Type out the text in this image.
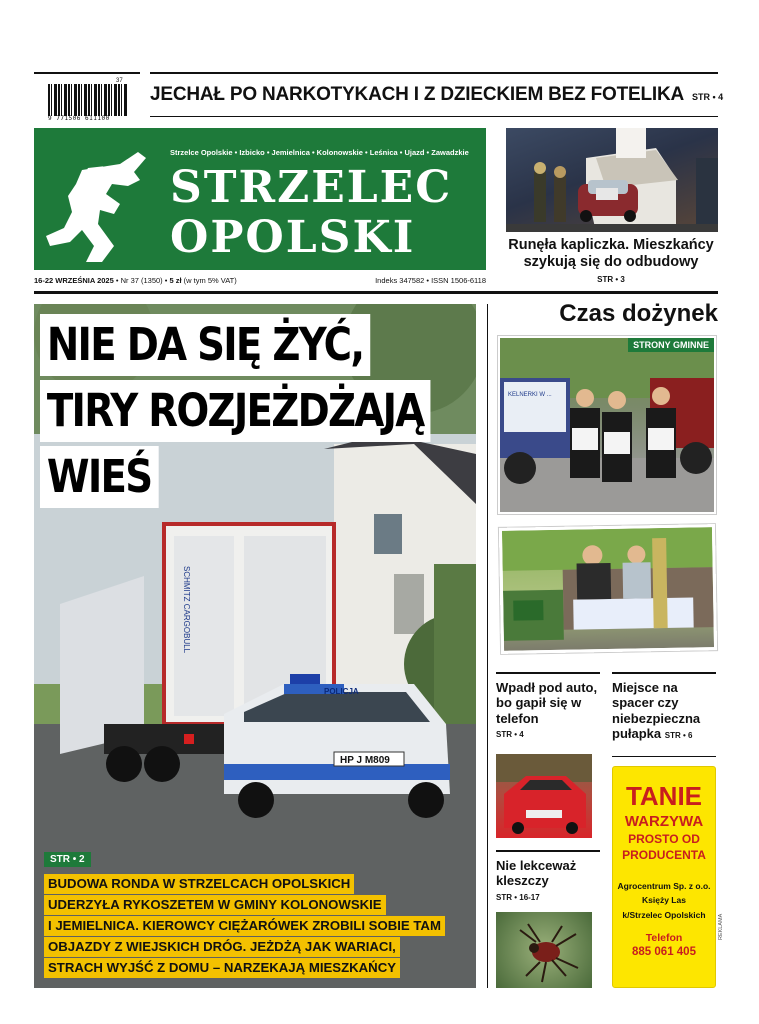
9 771506 611100
37
JECHAŁ PO NARKOTYKACH I Z DZIECKIEM BEZ FOTELIKA STR • 4
Strzelce Opolskie • Izbicko • Jemielnica • Kolonowskie • Leśnica • Ujazd • Zawadzkie
STRZELEC
OPOLSKI
16-22 WRZEŚNIA 2025 • Nr 37 (1350) • 5 zł (w tym 5% VAT)	Indeks 347582 • ISSN 1506-6118
Runęła kapliczka. Mieszkańcy szykują się do odbudowy
STR • 3
SCHMITZ CARGOBULL
POLICJA
HP J M809
NIE DA SIĘ ŻYĆ,
TIRY ROZJEŻDŻAJĄ
WIEŚ
STR • 2
BUDOWA RONDA W STRZELCACH OPOLSKICH
UDERZYŁA RYKOSZETEM W GMINY KOLONOWSKIE
I JEMIELNICA. KIEROWCY CIĘŻARÓWEK ZROBILI SOBIE TAM
OBJAZDY Z WIEJSKICH DRÓG. JEŻDŻĄ JAK WARIACI,
STRACH WYJŚĆ Z DOMU – NARZEKAJĄ MIESZKAŃCY
Czas dożynek
KELNERKI W ...
STRONY GMINNE
Wpadł pod auto, bo gapił się w telefon
STR • 4
Nie lekceważ kleszczy
STR • 16-17
Miejsce na spacer czy niebezpieczna pułapka STR • 6
TANIE
WARZYWA
PROSTO OD
PRODUCENTA
Agrocentrum Sp. z o.o.
Księży Las
k/Strzelec Opolskich
Telefon
885 061 405
REKLAMA
